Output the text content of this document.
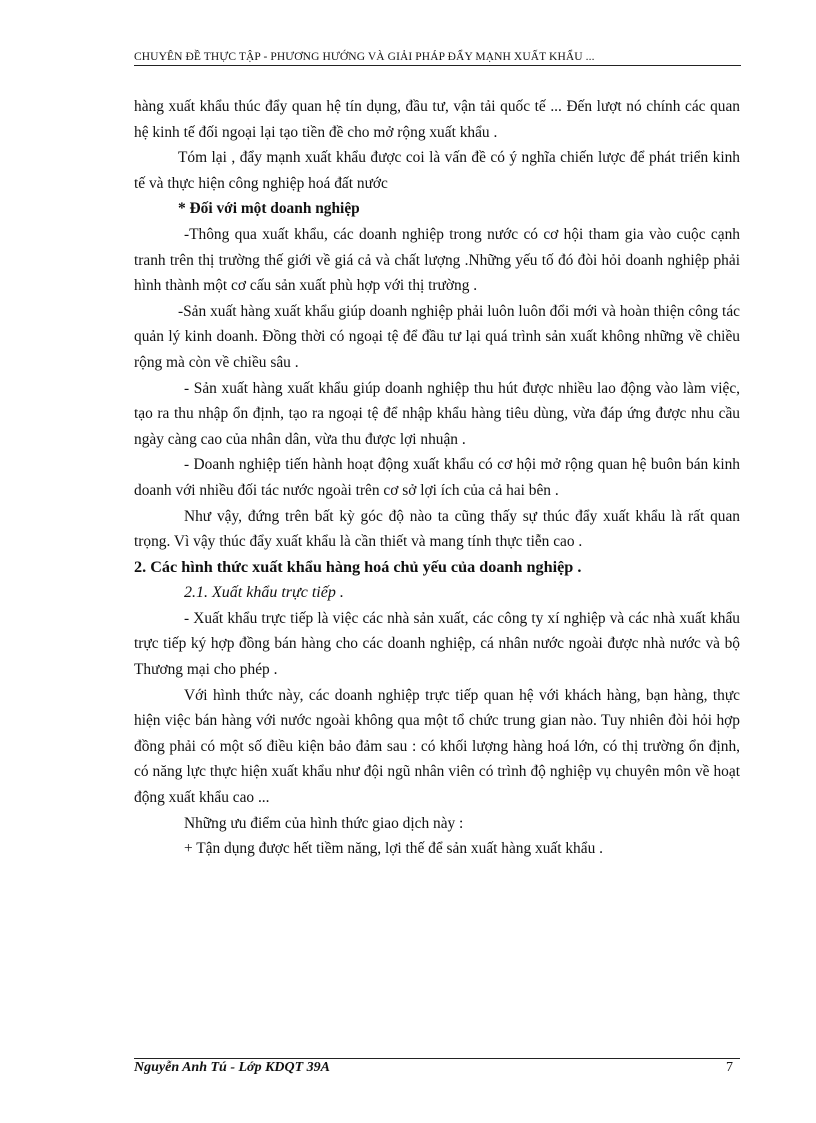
CHUYÊN ĐỀ THỰC TẬP - PHƯƠNG HƯỚNG VÀ GIẢI PHÁP ĐẨY MẠNH XUẤT KHẨU ...

hàng xuất khẩu thúc đẩy quan hệ tín dụng, đầu tư, vận tải quốc tế ... Đến lượt nó chính các quan hệ kinh tế đối ngoại lại tạo tiền đề cho mở rộng xuất khẩu .

Tóm lại , đẩy mạnh xuất khẩu được coi là vấn đề có ý nghĩa chiến lược để phát triển kinh tế và thực hiện công nghiệp hoá đất nước

* Đối với một doanh nghiệp

-Thông qua xuất khẩu, các doanh nghiệp trong nước có cơ hội tham gia vào cuộc cạnh tranh trên thị trường thế giới về giá cả và chất lượng .Những yếu tố đó đòi hỏi doanh nghiệp phải hình thành một cơ cấu sản xuất phù hợp với thị trường .

-Sản xuất hàng xuất khẩu giúp doanh nghiệp phải luôn luôn đổi mới và hoàn thiện công tác quản lý kinh doanh. Đồng thời có ngoại tệ để đầu tư lại quá trình sản xuất không những về chiều rộng mà còn về chiều sâu .

- Sản xuất hàng xuất khẩu giúp doanh nghiệp thu hút được nhiều lao động vào làm việc, tạo ra thu nhập ổn định, tạo ra ngoại tệ để nhập khẩu hàng tiêu dùng, vừa đáp ứng được nhu cầu ngày càng cao của nhân dân, vừa thu được lợi nhuận .

- Doanh nghiệp tiến hành hoạt động xuất khẩu có cơ hội mở rộng quan hệ buôn bán kinh doanh với nhiều đối tác nước ngoài trên cơ sở lợi ích của cả hai bên .

Như vậy, đứng trên bất kỳ góc độ nào ta cũng thấy sự thúc đẩy xuất khẩu là rất quan trọng. Vì vậy thúc đẩy xuất khẩu là cần thiết và mang tính thực tiễn cao .

2. Các hình thức xuất khẩu hàng hoá chủ yếu của doanh nghiệp .

2.1. Xuất khẩu trực tiếp .

- Xuất khẩu trực tiếp là việc các nhà sản xuất, các công ty xí nghiệp và các nhà xuất khẩu trực tiếp ký hợp đồng bán hàng cho các doanh nghiệp, cá nhân nước ngoài được nhà nước và bộ Thương mại cho phép .

Với hình thức này, các doanh nghiệp trực tiếp quan hệ với khách hàng, bạn hàng, thực hiện việc bán hàng với nước ngoài không qua một tổ chức trung gian nào. Tuy nhiên đòi hỏi hợp đồng phải có một số điều kiện bảo đảm sau : có khối lượng hàng hoá lớn, có thị trường ổn định, có năng lực thực hiện xuất khẩu như đội ngũ nhân viên có trình độ nghiệp vụ chuyên môn về hoạt động xuất khẩu cao ...

Những ưu điểm của hình thức giao dịch này :

+ Tận dụng được hết tiềm năng, lợi thế để sản xuất hàng xuất khẩu .

Nguyễn Anh Tú - Lớp KDQT 39A	7
